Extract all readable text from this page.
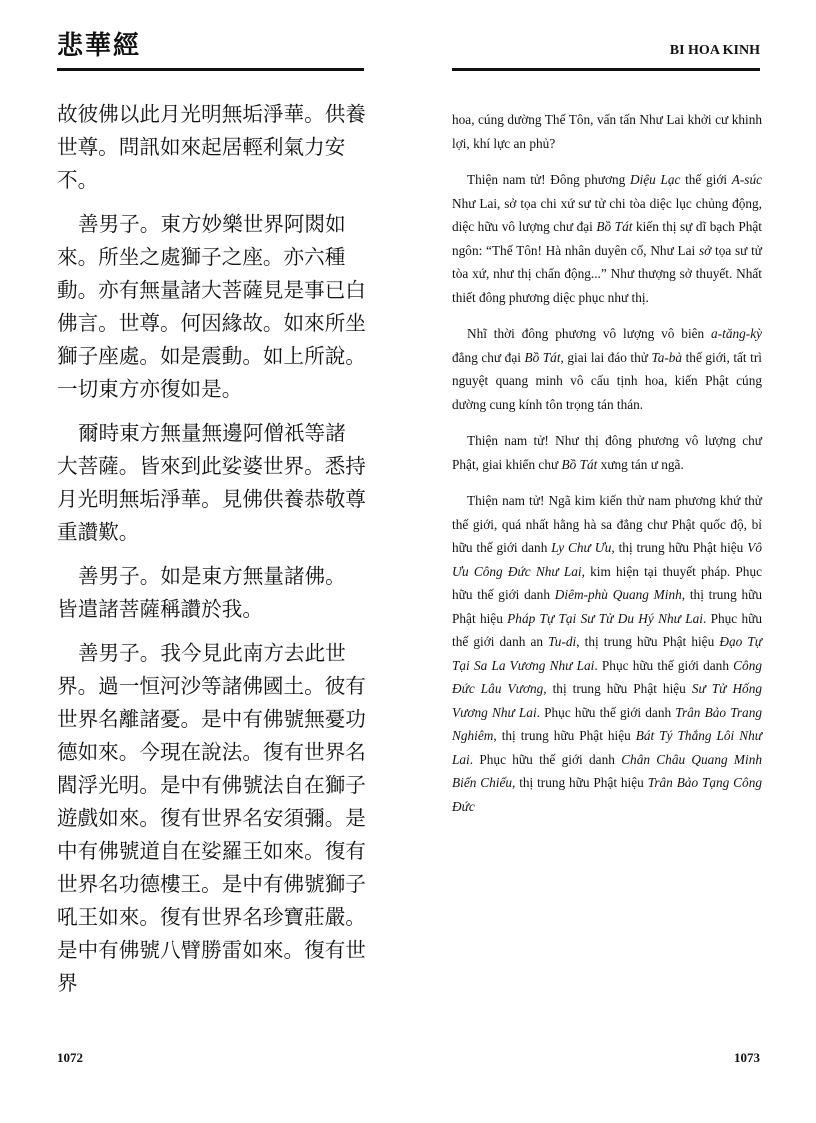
悲華經

故彼佛以此月光明無垢淨華。供養世尊。問訊如來起居輕利氣力安不。

善男子。東方妙樂世界阿閦如來。所坐之處獅子之座。亦六種動。亦有無量諸大菩薩見是事已白佛言。世尊。何因緣故。如來所坐獅子座處。如是震動。如上所說。一切東方亦復如是。

爾時東方無量無邊阿僧祇等諸大菩薩。皆來到此娑婆世界。悉持月光明無垢淨華。見佛供養恭敬尊重讚歎。

善男子。如是東方無量諸佛。皆遣諸菩薩稱讚於我。

善男子。我今見此南方去此世界。過一恒河沙等諸佛國土。彼有世界名離諸憂。是中有佛號無憂功德如來。今現在說法。復有世界名閻浮光明。是中有佛號法自在獅子遊戲如來。復有世界名安須彌。是中有佛號道自在娑羅王如來。復有世界名功德樓王。是中有佛號獅子吼王如來。復有世界名珍寶莊嚴。是中有佛號八臂勝雷如來。復有世界

1072
BI HOA KINH

hoa, cúng dường Thế Tôn, vấn tấn Như Lai khởi cư khinh lợi, khí lực an phủ?

Thiện nam tử! Đông phương Diệu Lạc thế giới A-súc Như Lai, sở tọa chi xứ sư tử chi tòa diệc lục chủng động, diệc hữu vô lượng chư đại Bồ Tát kiến thị sự dĩ bạch Phật ngôn: “Thế Tôn! Hà nhân duyên cố, Như Lai sở tọa sư tử tòa xứ, như thị chấn động...” Như thượng sở thuyết. Nhất thiết đông phương diệc phục như thị.

Nhĩ thời đông phương vô lượng vô biên a-tăng-kỳ đẳng chư đại Bồ Tát, giai lai đáo thử Ta-bà thế giới, tất trì nguyệt quang minh vô cấu tịnh hoa, kiến Phật cúng dường cung kính tôn trọng tán thán.

Thiện nam tử! Như thị đông phương vô lượng chư Phật, giai khiển chư Bồ Tát xưng tán ư ngã.

Thiện nam tử! Ngã kim kiến thử nam phương khứ thử thế giới, quá nhất hằng hà sa đẳng chư Phật quốc độ, bỉ hữu thế giới danh Ly Chư Ưu, thị trung hữu Phật hiệu Vô Ưu Công Đức Như Lai, kim hiện tại thuyết pháp. Phục hữu thế giới danh Diêm-phù Quang Minh, thị trung hữu Phật hiệu Pháp Tự Tại Sư Tử Du Hý Như Lai. Phục hữu thế giới danh an Tu-di, thị trung hữu Phật hiệu Đạo Tự Tại Sa La Vương Như Lai. Phục hữu thế giới danh Công Đức Lâu Vương, thị trung hữu Phật hiệu Sư Tử Hống Vương Như Lai. Phục hữu thế giới danh Trân Bảo Trang Nghiêm, thị trung hữu Phật hiệu Bát Tý Thắng Lôi Như Lai. Phục hữu thế giới danh Chân Châu Quang Minh Biến Chiếu, thị trung hữu Phật hiệu Trân Bảo Tạng Công Đức

1073
